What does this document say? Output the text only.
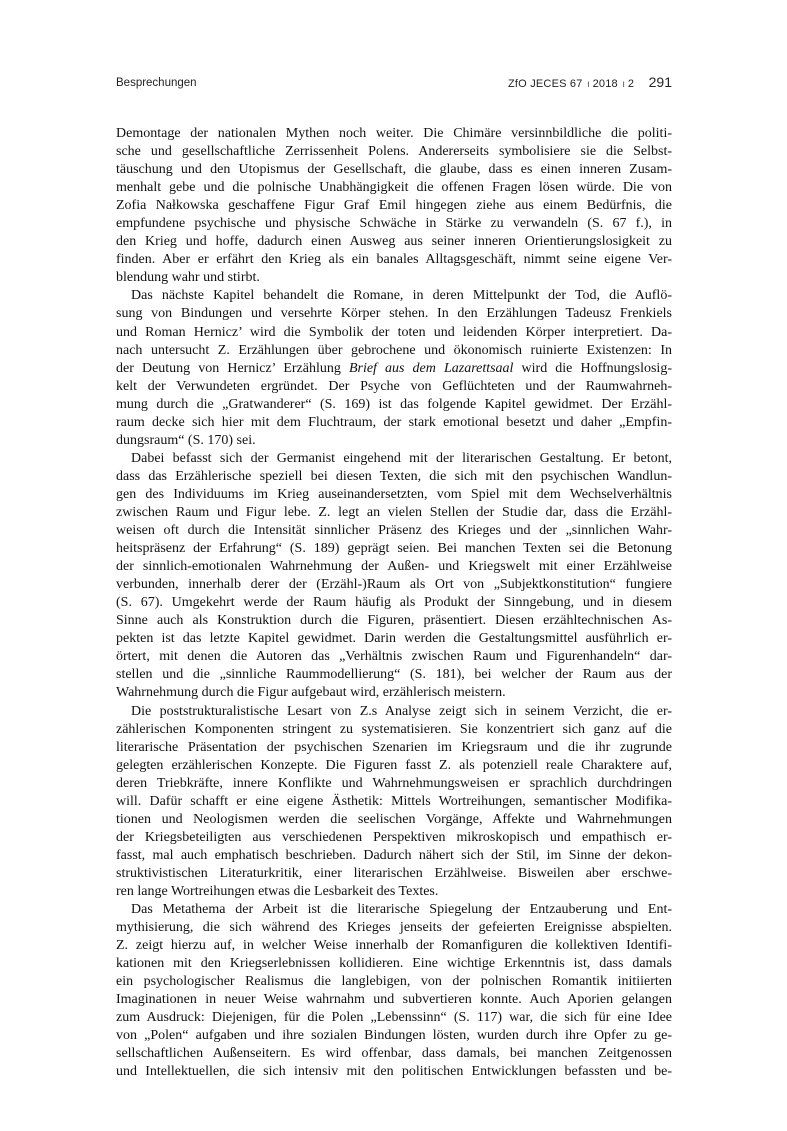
Besprechungen	ZfO JECES 67 ı 2018 ı 2 291
Demontage der nationalen Mythen noch weiter. Die Chimäre versinnbildliche die politi-
sche und gesellschaftliche Zerrissenheit Polens. Andererseits symbolisiere sie die Selbst-
täuschung und den Utopismus der Gesellschaft, die glaube, dass es einen inneren Zusam-
menhalt gebe und die polnische Unabhängigkeit die offenen Fragen lösen würde. Die von
Zofia Nałkowska geschaffene Figur Graf Emil hingegen ziehe aus einem Bedürfnis, die
empfundene psychische und physische Schwäche in Stärke zu verwandeln (S. 67 f.), in
den Krieg und hoffe, dadurch einen Ausweg aus seiner inneren Orientierungslosigkeit zu
finden. Aber er erfährt den Krieg als ein banales Alltagsgeschäft, nimmt seine eigene Ver-
blendung wahr und stirbt.
Das nächste Kapitel behandelt die Romane, in deren Mittelpunkt der Tod, die Auflö-
sung von Bindungen und versehrte Körper stehen. In den Erzählungen Tadeusz Frenkiels
und Roman Hernicz’ wird die Symbolik der toten und leidenden Körper interpretiert. Da-
nach untersucht Z. Erzählungen über gebrochene und ökonomisch ruinierte Existenzen: In
der Deutung von Hernicz’ Erzählung Brief aus dem Lazarettsaal wird die Hoffnungslosig-
kelt der Verwundeten ergründet. Der Psyche von Geflüchteten und der Raumwahrneh-
mung durch die „Gratwanderer“ (S. 169) ist das folgende Kapitel gewidmet. Der Erzähl-
raum decke sich hier mit dem Fluchtraum, der stark emotional besetzt und daher „Empfin-
dungsraum“ (S. 170) sei.
Dabei befasst sich der Germanist eingehend mit der literarischen Gestaltung. Er betont,
dass das Erzählerische speziell bei diesen Texten, die sich mit den psychischen Wandlun-
gen des Individuums im Krieg auseinandersetzten, vom Spiel mit dem Wechselverhältnis
zwischen Raum und Figur lebe. Z. legt an vielen Stellen der Studie dar, dass die Erzähl-
weisen oft durch die Intensität sinnlicher Präsenz des Krieges und der „sinnlichen Wahr-
heitspräsenz der Erfahrung“ (S. 189) geprägt seien. Bei manchen Texten sei die Betonung
der sinnlich-emotionalen Wahrnehmung der Außen- und Kriegswelt mit einer Erzählweise
verbunden, innerhalb derer der (Erzähl-)Raum als Ort von „Subjektkonstitution“ fungiere
(S. 67). Umgekehrt werde der Raum häufig als Produkt der Sinngebung, und in diesem
Sinne auch als Konstruktion durch die Figuren, präsentiert. Diesen erzähltechnischen As-
pekten ist das letzte Kapitel gewidmet. Darin werden die Gestaltungsmittel ausführlich er-
örtert, mit denen die Autoren das „Verhältnis zwischen Raum und Figurenhandeln“ dar-
stellen und die „sinnliche Raummodellierung“ (S. 181), bei welcher der Raum aus der
Wahrnehmung durch die Figur aufgebaut wird, erzählerisch meistern.
Die poststrukturalistische Lesart von Z.s Analyse zeigt sich in seinem Verzicht, die er-
zählerischen Komponenten stringent zu systematisieren. Sie konzentriert sich ganz auf die
literarische Präsentation der psychischen Szenarien im Kriegsraum und die ihr zugrunde
gelegten erzählerischen Konzepte. Die Figuren fasst Z. als potenziell reale Charaktere auf,
deren Triebkräfte, innere Konflikte und Wahrnehmungsweisen er sprachlich durchdringen
will. Dafür schafft er eine eigene Ästhetik: Mittels Wortreihungen, semantischer Modifika-
tionen und Neologismen werden die seelischen Vorgänge, Affekte und Wahrnehmungen
der Kriegsbeteiligten aus verschiedenen Perspektiven mikroskopisch und empathisch er-
fasst, mal auch emphatisch beschrieben. Dadurch nähert sich der Stil, im Sinne der dekon-
struktivistischen Literaturkritik, einer literarischen Erzählweise. Bisweilen aber erschwe-
ren lange Wortreihungen etwas die Lesbarkeit des Textes.
Das Metathema der Arbeit ist die literarische Spiegelung der Entzauberung und Ent-
mythisierung, die sich während des Krieges jenseits der gefeierten Ereignisse abspielten.
Z. zeigt hierzu auf, in welcher Weise innerhalb der Romanfiguren die kollektiven Identifi-
kationen mit den Kriegserlebnissen kollidieren. Eine wichtige Erkenntnis ist, dass damals
ein psychologischer Realismus die langlebigen, von der polnischen Romantik initiierten
Imaginationen in neuer Weise wahrnahm und subvertieren konnte. Auch Aporien gelangen
zum Ausdruck: Diejenigen, für die Polen „Lebenssinn“ (S. 117) war, die sich für eine Idee
von „Polen“ aufgaben und ihre sozialen Bindungen lösten, wurden durch ihre Opfer zu ge-
sellschaftlichen Außenseitern. Es wird offenbar, dass damals, bei manchen Zeitgenossen
und Intellektuellen, die sich intensiv mit den politischen Entwicklungen befassten und be-
